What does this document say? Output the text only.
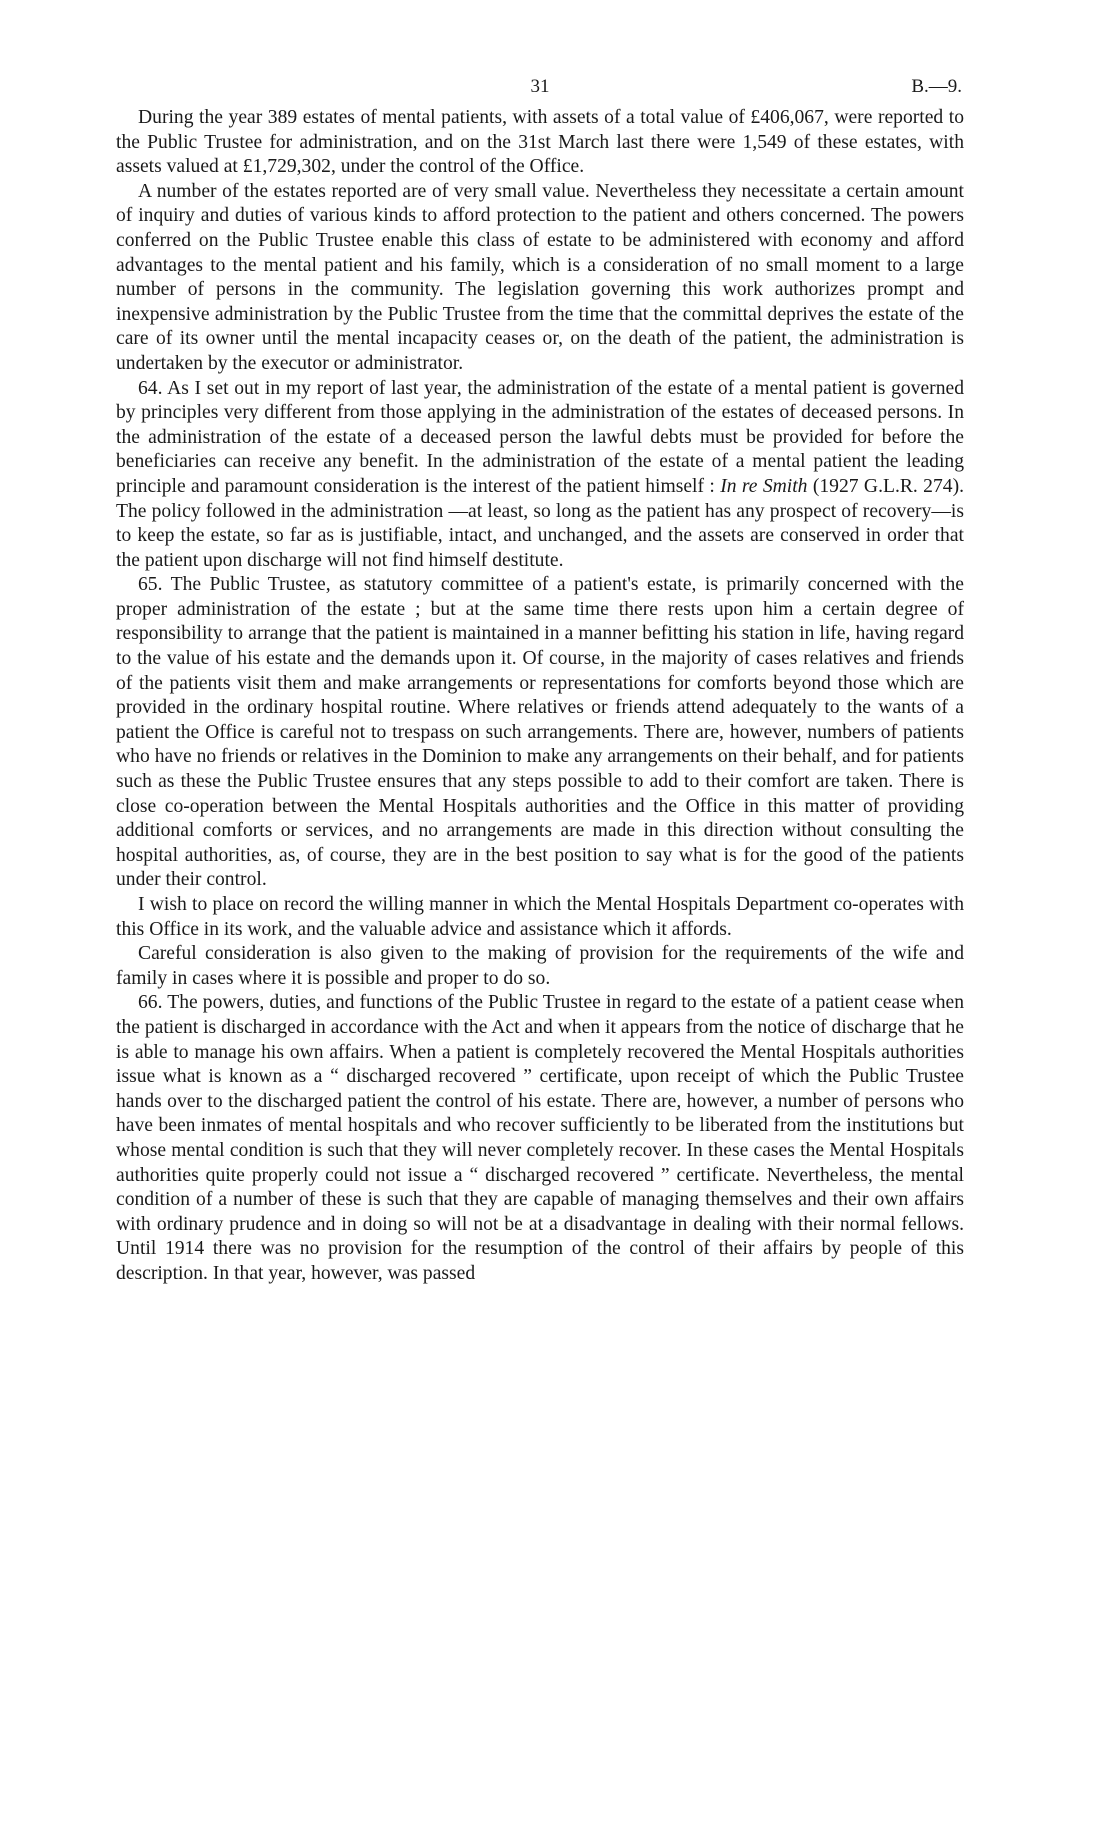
31	B.—9.

During the year 389 estates of mental patients, with assets of a total value of £406,067, were reported to the Public Trustee for administration, and on the 31st March last there were 1,549 of these estates, with assets valued at £1,729,302, under the control of the Office.

A number of the estates reported are of very small value. Nevertheless they necessitate a certain amount of inquiry and duties of various kinds to afford protection to the patient and others concerned. The powers conferred on the Public Trustee enable this class of estate to be administered with economy and afford advantages to the mental patient and his family, which is a consideration of no small moment to a large number of persons in the community. The legislation governing this work authorizes prompt and inexpensive administration by the Public Trustee from the time that the committal deprives the estate of the care of its owner until the mental incapacity ceases or, on the death of the patient, the administration is undertaken by the executor or administrator.

64. As I set out in my report of last year, the administration of the estate of a mental patient is governed by principles very different from those applying in the administration of the estates of deceased persons. In the administration of the estate of a deceased person the lawful debts must be provided for before the beneficiaries can receive any benefit. In the administration of the estate of a mental patient the leading principle and paramount consideration is the interest of the patient himself : In re Smith (1927 G.L.R. 274). The policy followed in the administration —at least, so long as the patient has any prospect of recovery—is to keep the estate, so far as is justifiable, intact, and unchanged, and the assets are conserved in order that the patient upon discharge will not find himself destitute.

65. The Public Trustee, as statutory committee of a patient's estate, is primarily concerned with the proper administration of the estate ; but at the same time there rests upon him a certain degree of responsibility to arrange that the patient is maintained in a manner befitting his station in life, having regard to the value of his estate and the demands upon it. Of course, in the majority of cases relatives and friends of the patients visit them and make arrangements or representations for comforts beyond those which are provided in the ordinary hospital routine. Where relatives or friends attend adequately to the wants of a patient the Office is careful not to trespass on such arrangements. There are, however, numbers of patients who have no friends or relatives in the Dominion to make any arrangements on their behalf, and for patients such as these the Public Trustee ensures that any steps possible to add to their comfort are taken. There is close co-operation between the Mental Hospitals authorities and the Office in this matter of providing additional comforts or services, and no arrangements are made in this direction without consulting the hospital authorities, as, of course, they are in the best position to say what is for the good of the patients under their control.

I wish to place on record the willing manner in which the Mental Hospitals Department co-operates with this Office in its work, and the valuable advice and assistance which it affords.

Careful consideration is also given to the making of provision for the requirements of the wife and family in cases where it is possible and proper to do so.

66. The powers, duties, and functions of the Public Trustee in regard to the estate of a patient cease when the patient is discharged in accordance with the Act and when it appears from the notice of discharge that he is able to manage his own affairs. When a patient is completely recovered the Mental Hospitals authorities issue what is known as a “ discharged recovered ” certificate, upon receipt of which the Public Trustee hands over to the discharged patient the control of his estate. There are, however, a number of persons who have been inmates of mental hospitals and who recover sufficiently to be liberated from the institutions but whose mental condition is such that they will never completely recover. In these cases the Mental Hospitals authorities quite properly could not issue a “ discharged recovered ” certificate. Nevertheless, the mental condition of a number of these is such that they are capable of managing themselves and their own affairs with ordinary prudence and in doing so will not be at a disadvantage in dealing with their normal fellows. Until 1914 there was no provision for the resumption of the control of their affairs by people of this description. In that year, however, was passed
